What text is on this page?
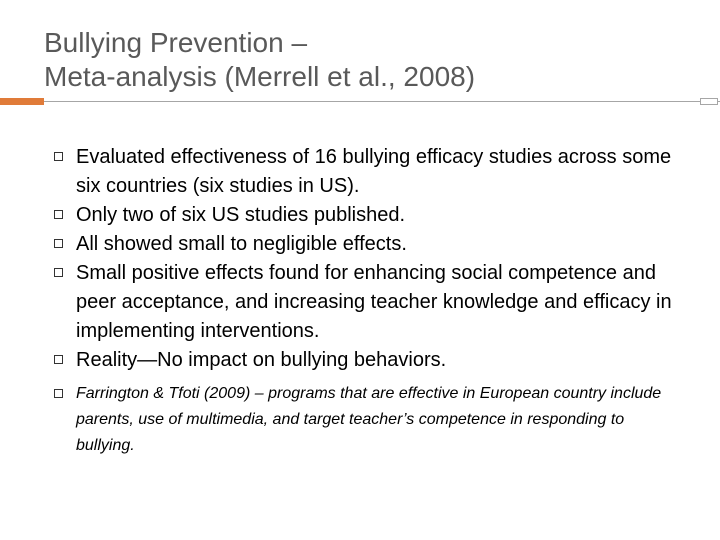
Bullying Prevention –
Meta-analysis (Merrell et al., 2008)
Evaluated effectiveness of 16 bullying efficacy studies across some six countries (six studies in US).
Only two of six US studies published.
All showed small to negligible effects.
Small positive effects found for enhancing social competence and peer acceptance, and increasing teacher knowledge and efficacy in implementing interventions.
Reality—No impact on bullying behaviors.
Farrington & Tfoti (2009) – programs that are effective in European country include parents, use of multimedia, and target teacher’s competence in responding to bullying.
